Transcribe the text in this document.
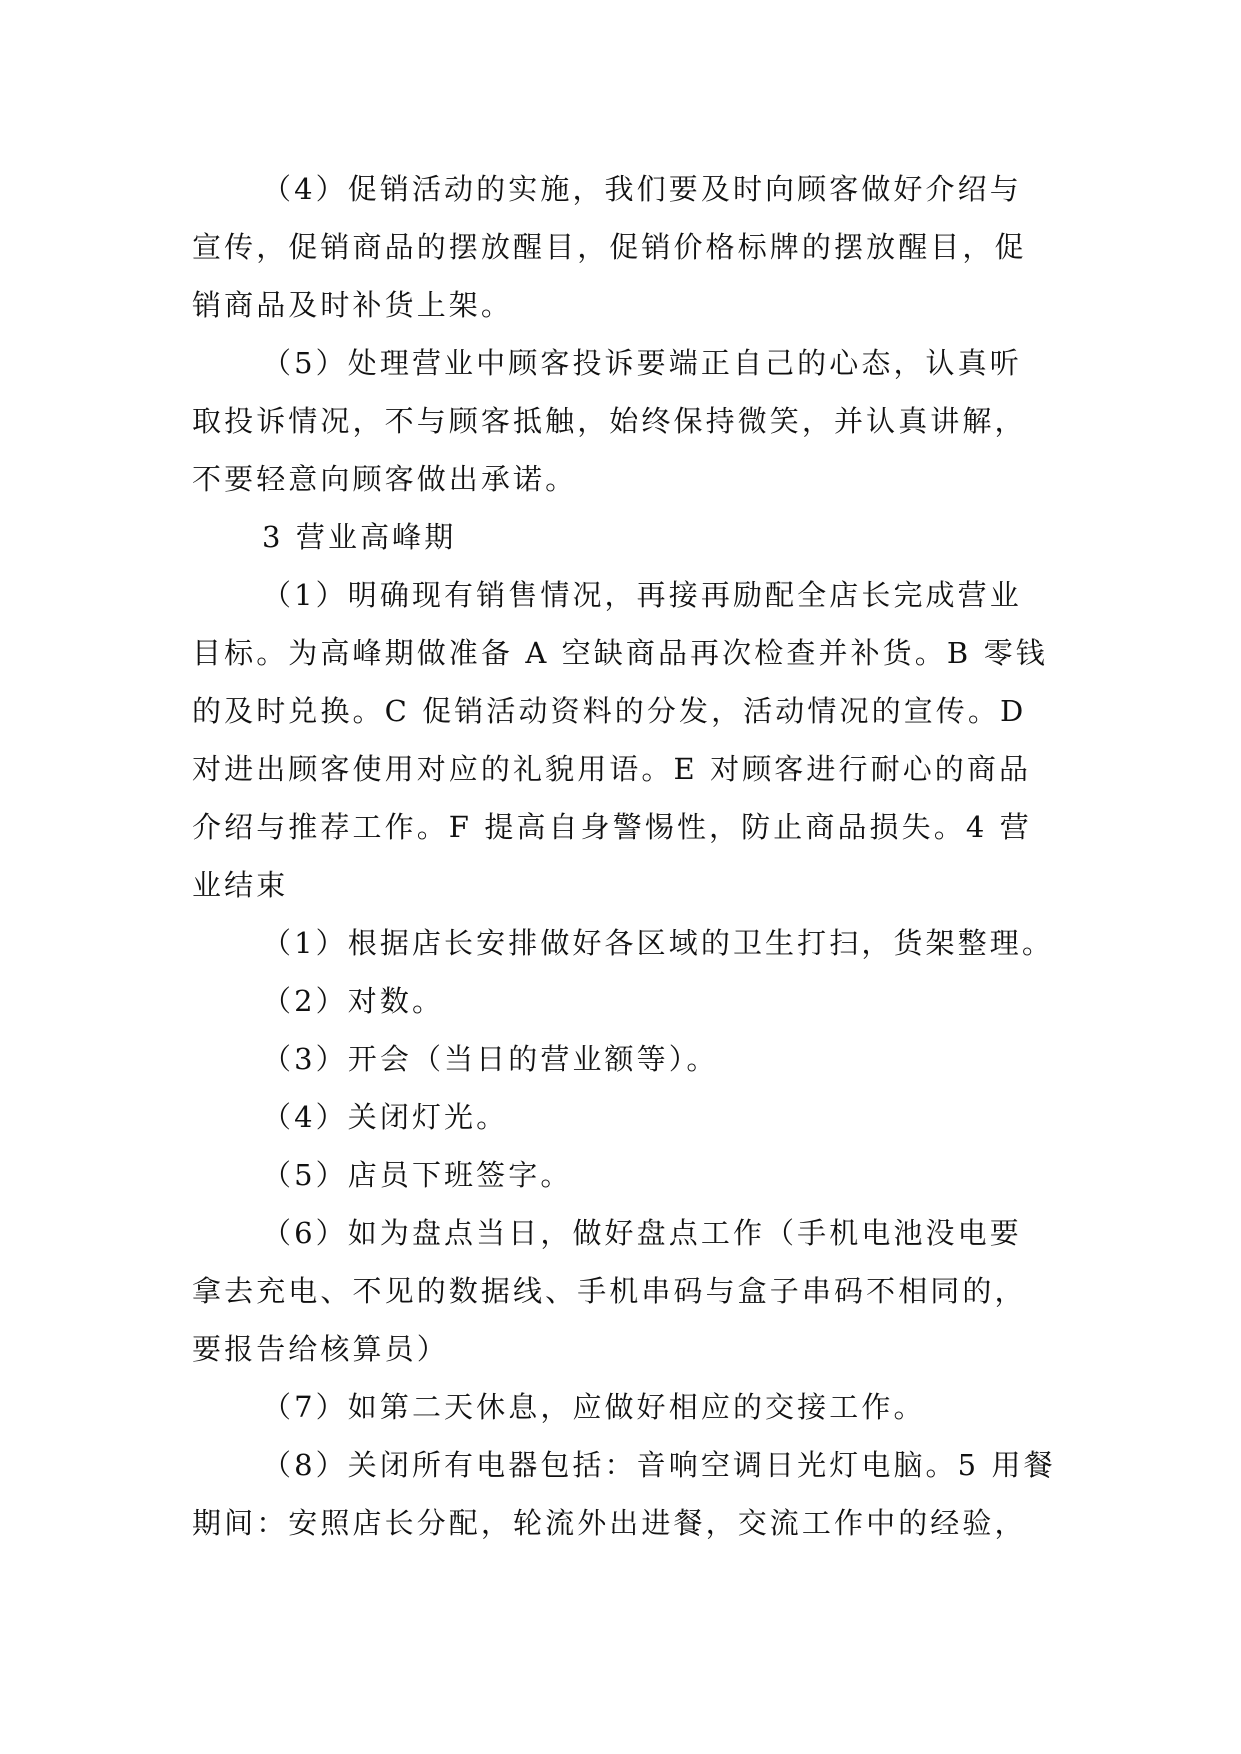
（4）促销活动的实施，我们要及时向顾客做好介绍与

宣传，促销商品的摆放醒目，促销价格标牌的摆放醒目，促

销商品及时补货上架。

（5）处理营业中顾客投诉要端正自己的心态，认真听

取投诉情况，不与顾客抵触，始终保持微笑，并认真讲解，

不要轻意向顾客做出承诺。

3 营业高峰期

（1）明确现有销售情况，再接再励配全店长完成营业

目标。为高峰期做准备 A 空缺商品再次检查并补货。B 零钱

的及时兑换。C 促销活动资料的分发，活动情况的宣传。D

对进出顾客使用对应的礼貌用语。E 对顾客进行耐心的商品

介绍与推荐工作。F 提高自身警惕性，防止商品损失。4 营

业结束

（1）根据店长安排做好各区域的卫生打扫，货架整理。

（2）对数。

（3）开会（当日的营业额等）。

（4）关闭灯光。

（5）店员下班签字。

（6）如为盘点当日，做好盘点工作（手机电池没电要

拿去充电、不见的数据线、手机串码与盒子串码不相同的，

要报告给核算员）

（7）如第二天休息，应做好相应的交接工作。

（8）关闭所有电器包括：音响空调日光灯电脑。5 用餐

期间：安照店长分配，轮流外出进餐，交流工作中的经验，
